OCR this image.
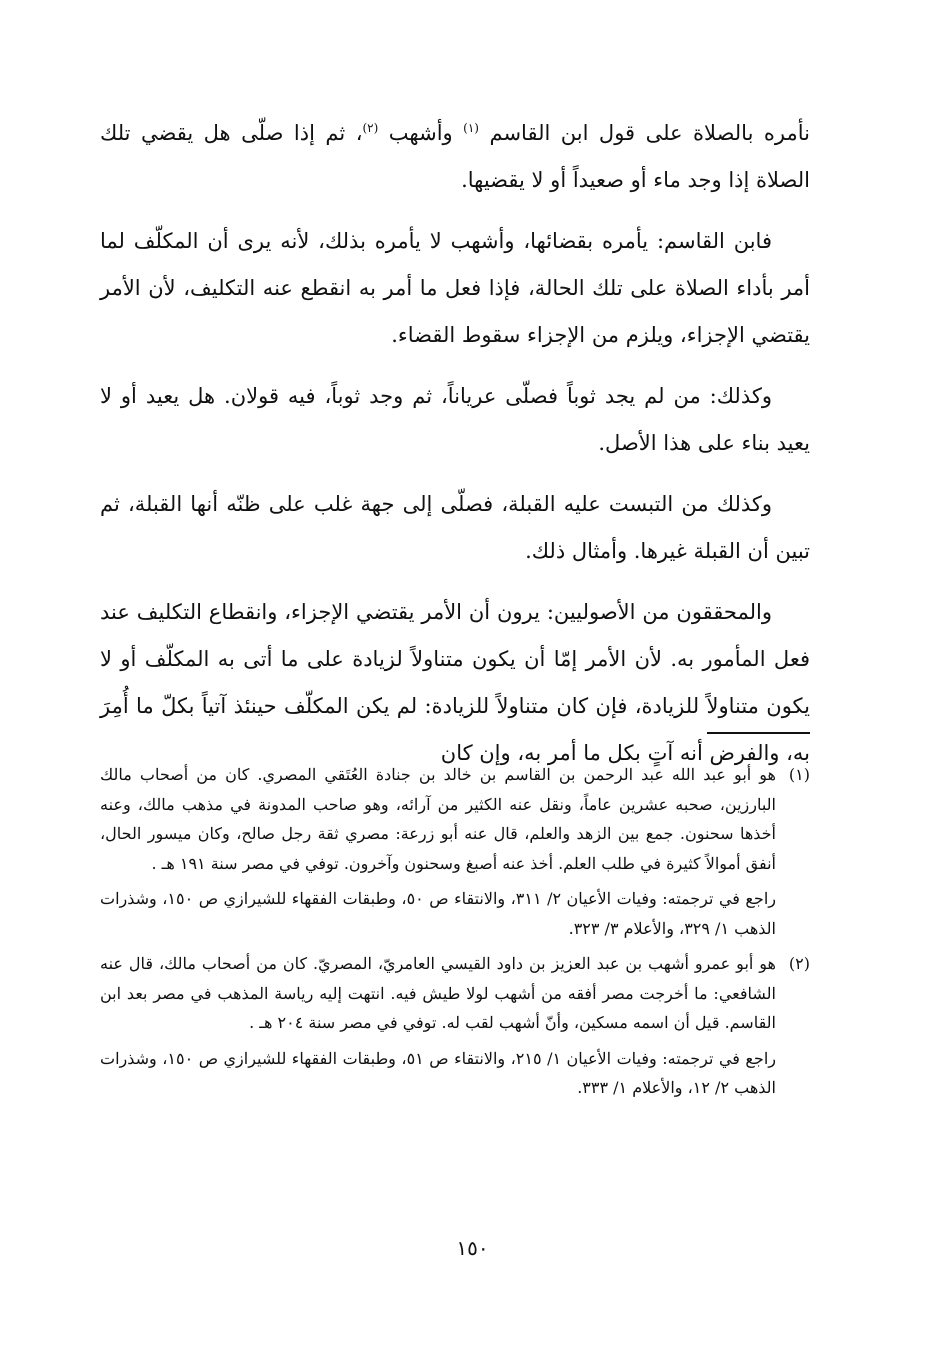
نأمره بالصلاة على قول ابن القاسم $^{(١)}$ وأشهب $^{(٢)}$، ثم إذا صلّى هل يقضي تلك الصلاة إذا وجد ماء أو صعيداً أو لا يقضيها.

فابن القاسم: يأمره بقضائها، وأشهب لا يأمره بذلك، لأنه يرى أن المكلّف لما أمر بأداء الصلاة على تلك الحالة، فإذا فعل ما أمر به انقطع عنه التكليف، لأن الأمر يقتضي الإجزاء، ويلزم من الإجزاء سقوط القضاء.

وكذلك: من لم يجد ثوباً فصلّى عرياناً، ثم وجد ثوباً، فيه قولان. هل يعيد أو لا يعيد بناء على هذا الأصل.

وكذلك من التبست عليه القبلة، فصلّى إلى جهة غلب على ظنّه أنها القبلة، ثم تبين أن القبلة غيرها. وأمثال ذلك.

والمحققون من الأصوليين: يرون أن الأمر يقتضي الإجزاء، وانقطاع التكليف عند فعل المأمور به. لأن الأمر إمّا أن يكون متناولاً لزيادة على ما أتى به المكلّف أو لا يكون متناولاً للزيادة، فإن كان متناولاً للزيادة: لم يكن المكلّف حينئذ آتياً بكلّ ما أُمِرَ به، والفرض أنه آتٍ بكل ما أمر به، وإن كان

(١)

هو أبو عبد الله عبد الرحمن بن القاسم بن خالد بن جنادة العُتَقي المصري. كان من أصحاب مالك البارزين، صحبه عشرين عاماً، ونقل عنه الكثير من آرائه، وهو صاحب المدونة في مذهب مالك، وعنه أخذها سحنون. جمع بين الزهد والعلم، قال عنه أبو زرعة: مصري ثقة رجل صالح، وكان ميسور الحال، أنفق أموالاً كثيرة في طلب العلم. أخذ عنه أصبغ وسحنون وآخرون. توفي في مصر سنة ١٩١ هـ .

راجع في ترجمته: وفيات الأعيان ٢/ ٣١١، والانتقاء ص ٥٠، وطبقات الفقهاء للشيرازي ص ١٥٠، وشذرات الذهب ١/ ٣٢٩، والأعلام ٣/ ٣٢٣.

(٢)

هو أبو عمرو أشهب بن عبد العزيز بن داود القيسي العامريّ، المصريّ. كان من أصحاب مالك، قال عنه الشافعي: ما أخرجت مصر أفقه من أشهب لولا طيش فيه. انتهت إليه رياسة المذهب في مصر بعد ابن القاسم. قيل أن اسمه مسكين، وأنّ أشهب لقب له. توفي في مصر سنة ٢٠٤ هـ .

راجع في ترجمته: وفيات الأعيان ١/ ٢١٥، والانتقاء ص ٥١، وطبقات الفقهاء للشيرازي ص ١٥٠، وشذرات الذهب ٢/ ١٢، والأعلام ١/ ٣٣٣.

١٥٠
